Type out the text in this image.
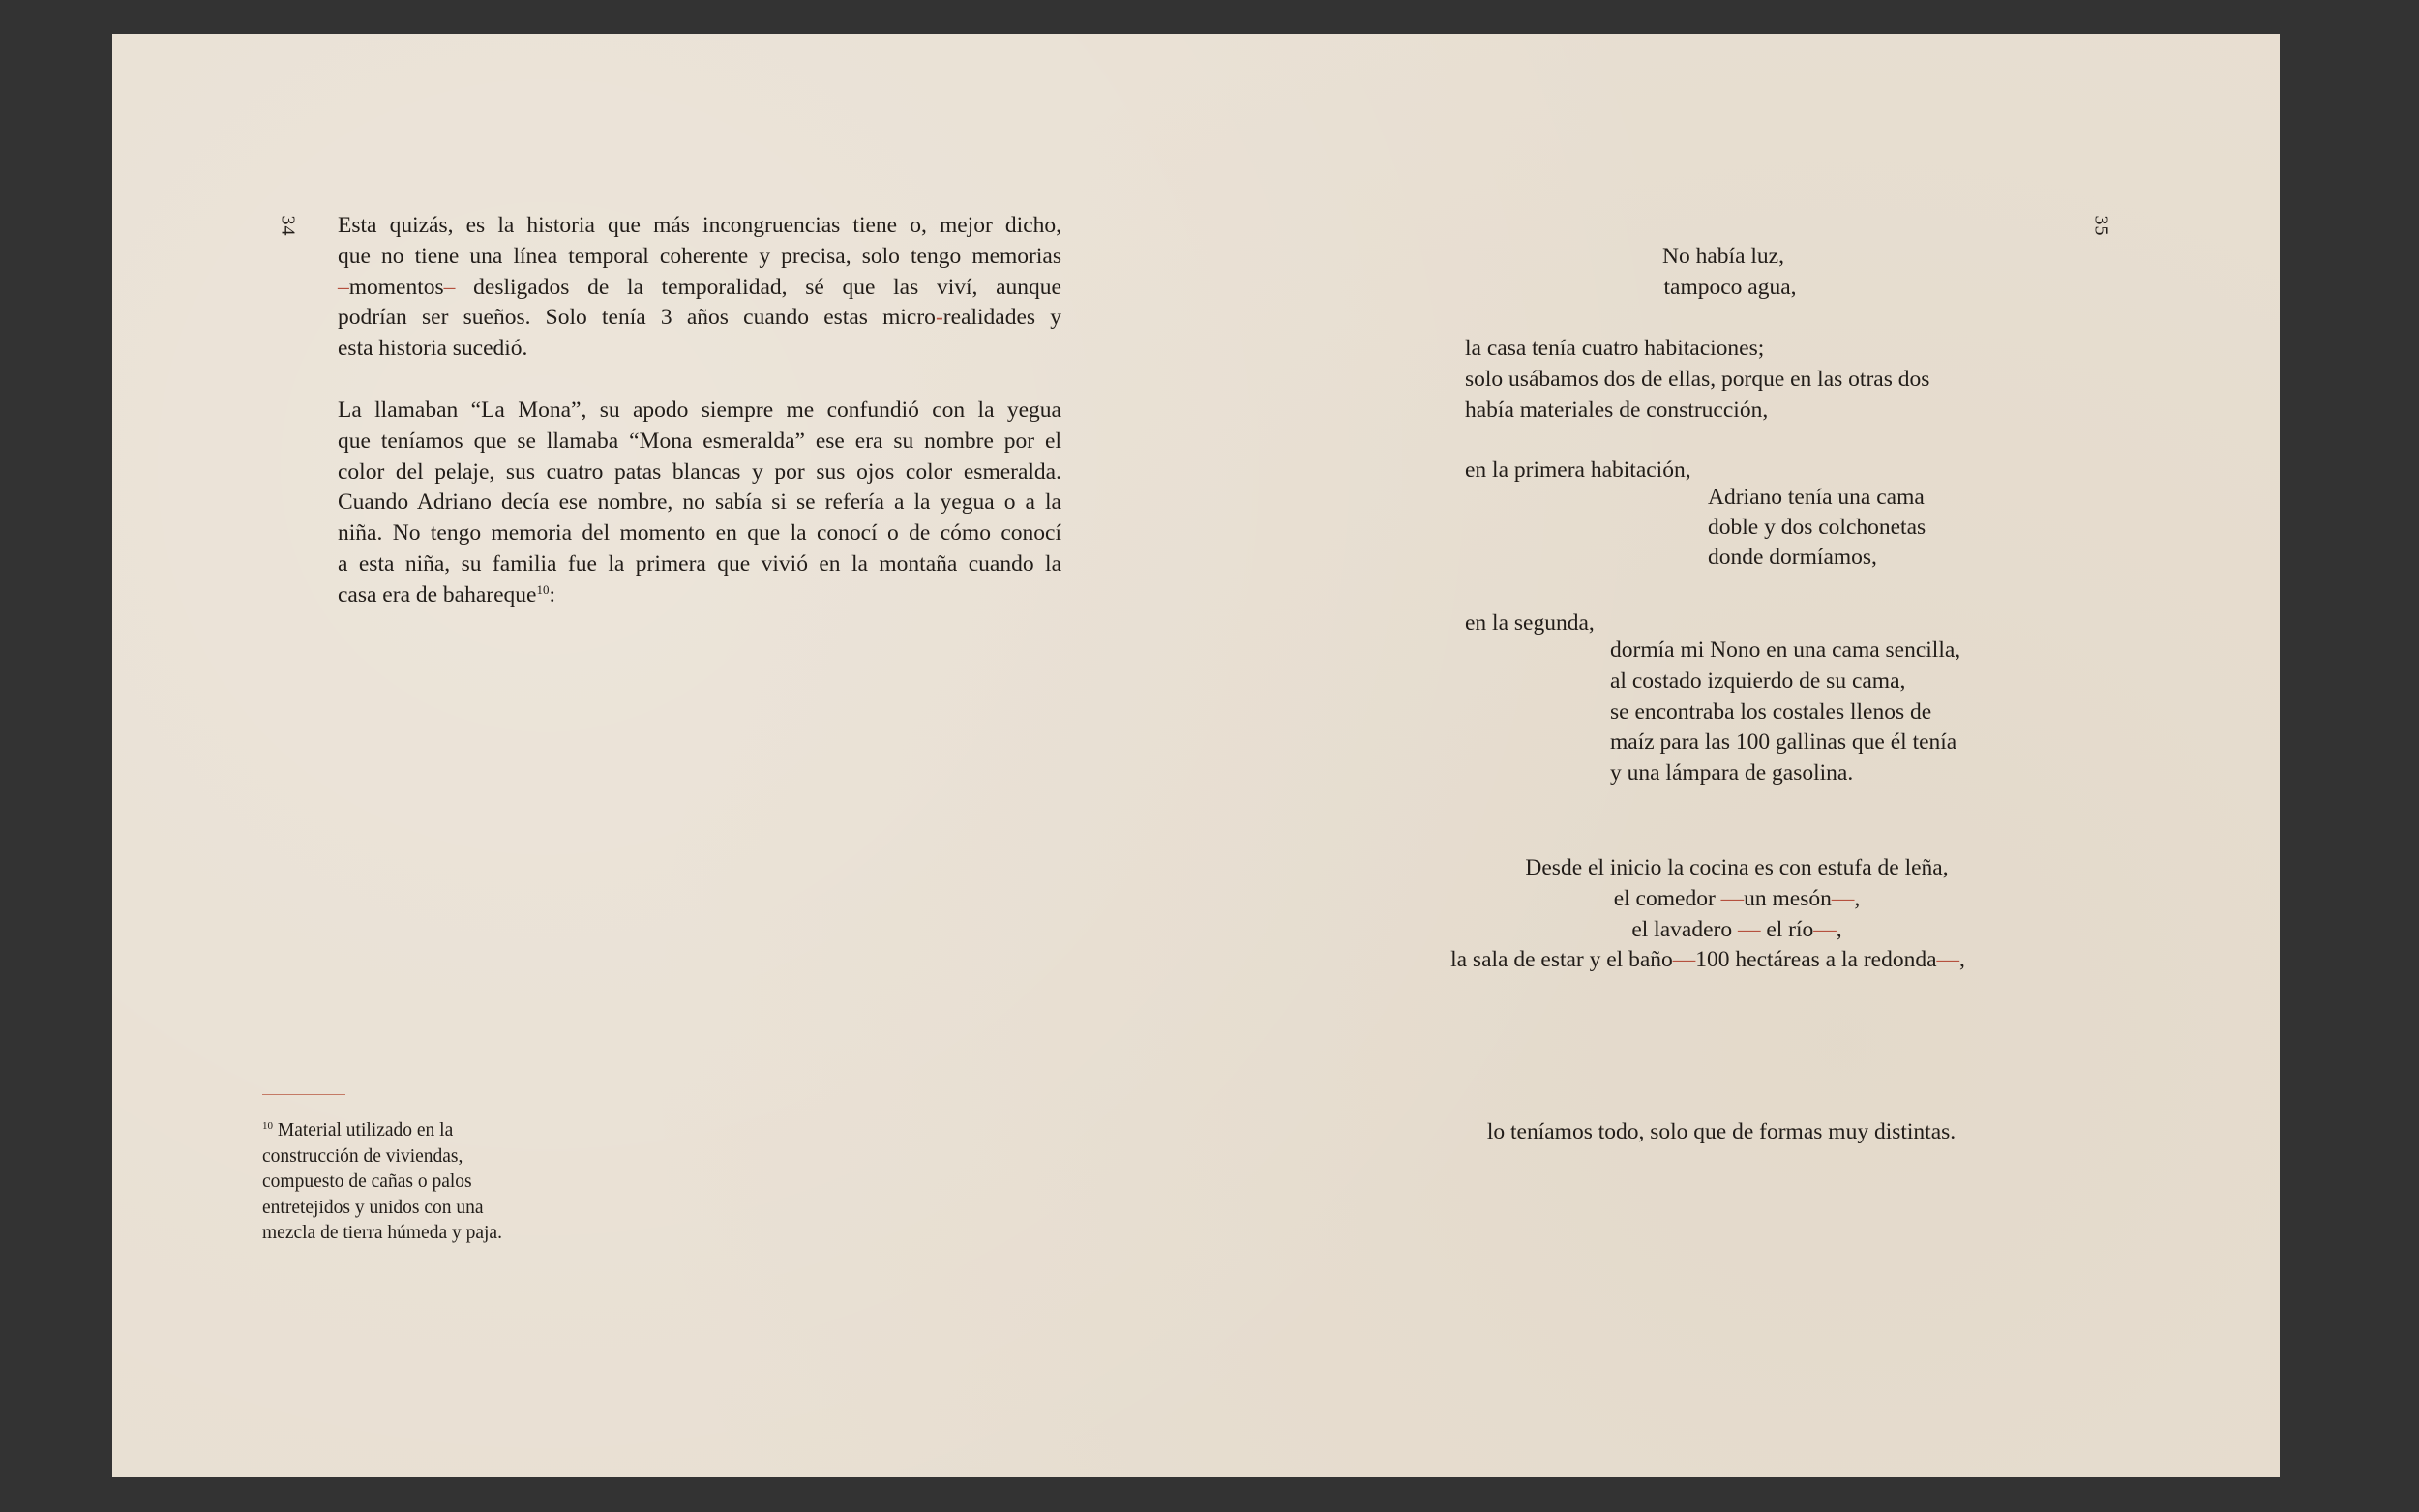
34 Esta quizás, es la historia que más incongruencias tiene o, mejor dicho,
que no tiene una línea temporal coherente y precisa, solo tengo memorias
–momentos– desligados de la temporalidad, sé que las viví, aunque
podrían ser sueños. Solo tenía 3 años cuando estas micro-realidades y
esta historia sucedió.
La llamaban “La Mona”, su apodo siempre me confundió con la yegua
que teníamos que se llamaba “Mona esmeralda” ese era su nombre por el
color del pelaje, sus cuatro patas blancas y por sus ojos color esmeralda.
Cuando Adriano decía ese nombre, no sabía si se refería a la yegua o a la
niña. No tengo memoria del momento en que la conocí o de cómo conocí
a esta niña, su familia fue la primera que vivió en la montaña cuando la
casa era de bahareque$^{10}$:
$^{10}$ Material utilizado en la
construcción de viviendas,
compuesto de cañas o palos
entretejidos y unidos con una
mezcla de tierra húmeda y paja.
35
No había luz,
tampoco agua,
la casa tenía cuatro habitaciones;
solo usábamos dos de ellas, porque en las otras dos
había materiales de construcción,
en la primera habitación,
Adriano tenía una cama
doble y dos colchonetas
donde dormíamos,
en la segunda,
dormía mi Nono en una cama sencilla,
al costado izquierdo de su cama,
se encontraba los costales llenos de
maíz para las 100 gallinas que él tenía
y una lámpara de gasolina.
Desde el inicio la cocina es con estufa de leña,
el comedor —un mesón—,
el lavadero — el río—,
la sala de estar y el baño—100 hectáreas a la redonda—,
lo teníamos todo, solo que de formas muy distintas.
